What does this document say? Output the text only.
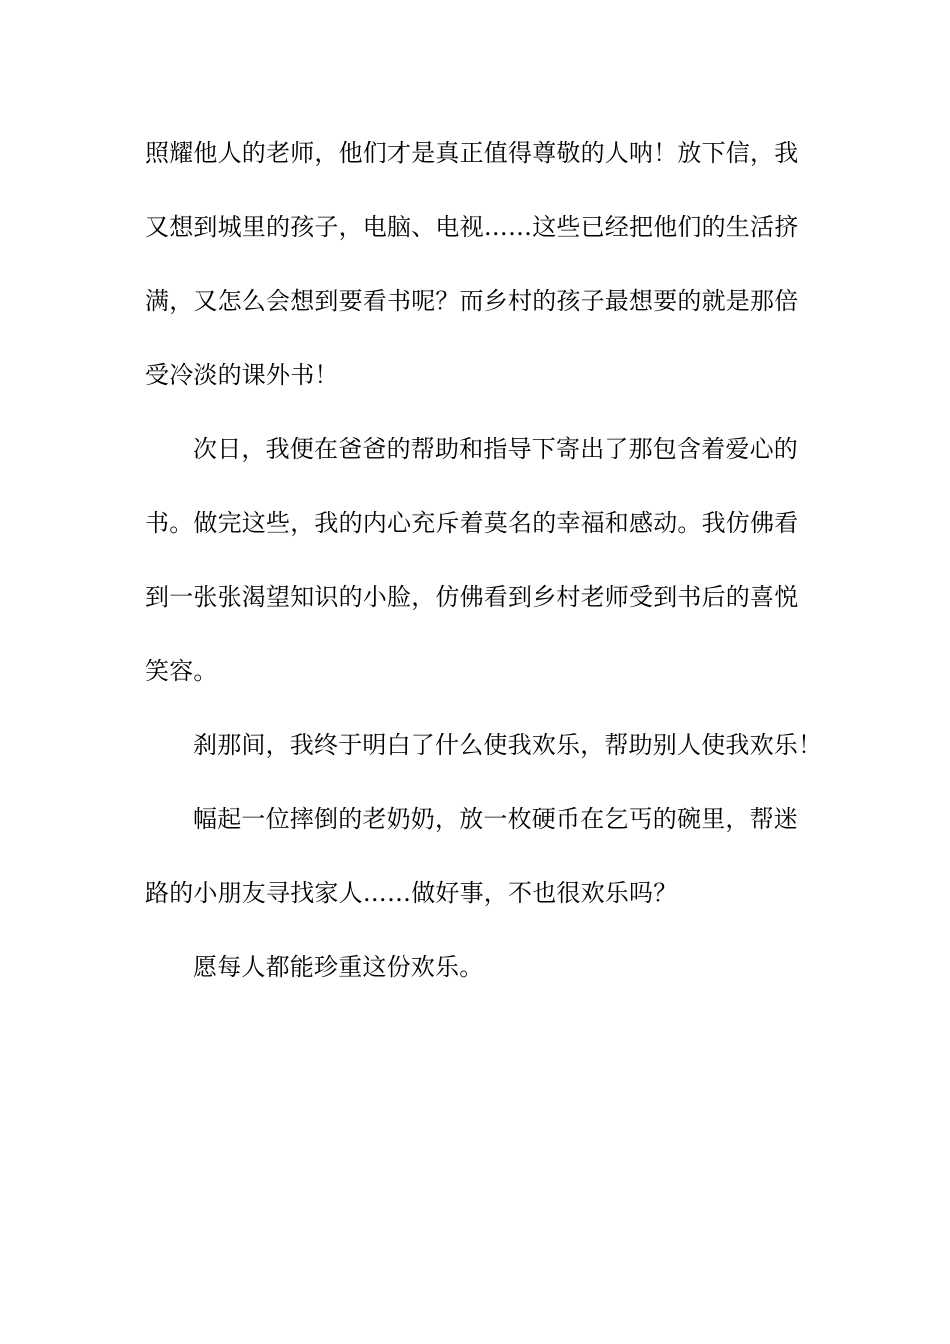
照耀他人的老师，他们才是真正值得尊敬的人呐！放下信，我
又想到城里的孩子，电脑、电视……这些已经把他们的生活挤
满，又怎么会想到要看书呢？而乡村的孩子最想要的就是那倍
受冷淡的课外书！
次日，我便在爸爸的帮助和指导下寄出了那包含着爱心的
书。做完这些，我的内心充斥着莫名的幸福和感动。我仿佛看
到一张张渴望知识的小脸，仿佛看到乡村老师受到书后的喜悦
笑容。
刹那间，我终于明白了什么使我欢乐，帮助别人使我欢乐！
幅起一位摔倒的老奶奶，放一枚硬币在乞丐的碗里，帮迷
路的小朋友寻找家人……做好事，不也很欢乐吗？
愿每人都能珍重这份欢乐。
